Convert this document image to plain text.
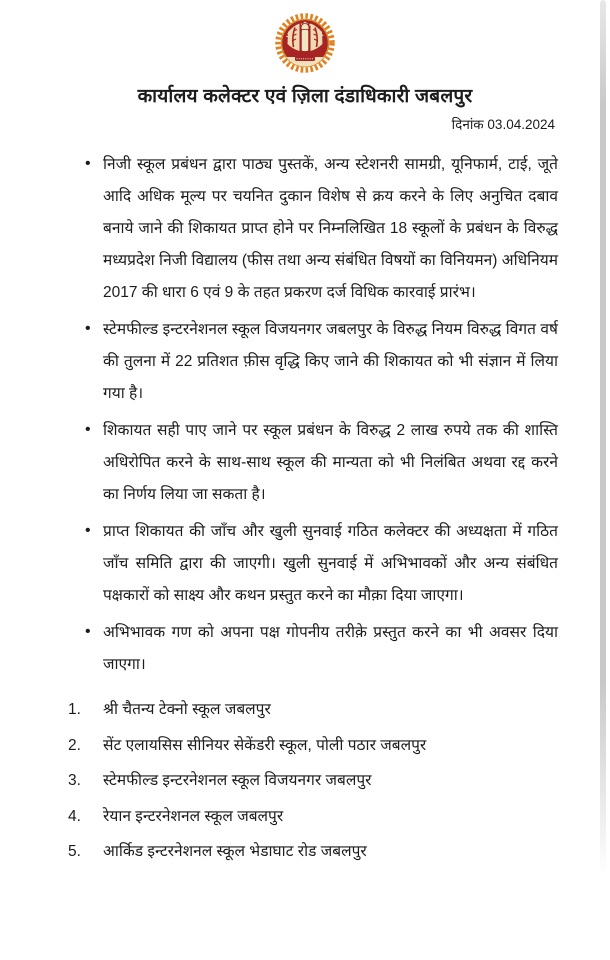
कार्यालय कलेक्टर एवं ज़िला दंडाधिकारी जबलपुर
दिनांक 03.04.2024
• निजी स्कूल प्रबंधन द्वारा पाठ्य पुस्तकें, अन्य स्टेशनरी सामग्री, यूनिफार्म, टाई, जूते आदि अधिक मूल्य पर चयनित दुकान विशेष से क्रय करने के लिए अनुचित दबाव बनाये जाने की शिकायत प्राप्त होने पर निम्नलिखित 18 स्कूलों के प्रबंधन के विरुद्ध मध्यप्रदेश निजी विद्यालय (फीस तथा अन्य संबंधित विषयों का विनियमन) अधिनियम 2017 की धारा 6 एवं 9 के तहत प्रकरण दर्ज विधिक कारवाई प्रारंभ।
• स्टेमफील्ड इन्टरनेशनल स्कूल विजयनगर जबलपुर के विरुद्ध नियम विरुद्ध विगत वर्ष की तुलना में 22 प्रतिशत फ़ीस वृद्धि किए जाने की शिकायत को भी संज्ञान में लिया गया है।
• शिकायत सही पाए जाने पर स्कूल प्रबंधन के विरुद्ध 2 लाख रुपये तक की शास्ति अधिरोपित करने के साथ-साथ स्कूल की मान्यता को भी निलंबित अथवा रद्द करने का निर्णय लिया जा सकता है।
• प्राप्त शिकायत की जाँच और खुली सुनवाई गठित कलेक्टर की अध्यक्षता में गठित जाँच समिति द्वारा की जाएगी। खुली सुनवाई में अभिभावकों और अन्य संबंधित पक्षकारों को साक्ष्य और कथन प्रस्तुत करने का मौक़ा दिया जाएगा।
• अभिभावक गण को अपना पक्ष गोपनीय तरीक़े प्रस्तुत करने का भी अवसर दिया जाएगा।
1. श्री चैतन्य टेक्नो स्कूल जबलपुर
2. सेंट एलायसिस सीनियर सेकेंडरी स्कूल, पोली पठार जबलपुर
3. स्टेमफील्ड इन्टरनेशनल स्कूल विजयनगर जबलपुर
4. रेयान इन्टरनेशनल स्कूल जबलपुर
5. आर्किड इन्टरनेशनल स्कूल भेडाघाट रोड जबलपुर
